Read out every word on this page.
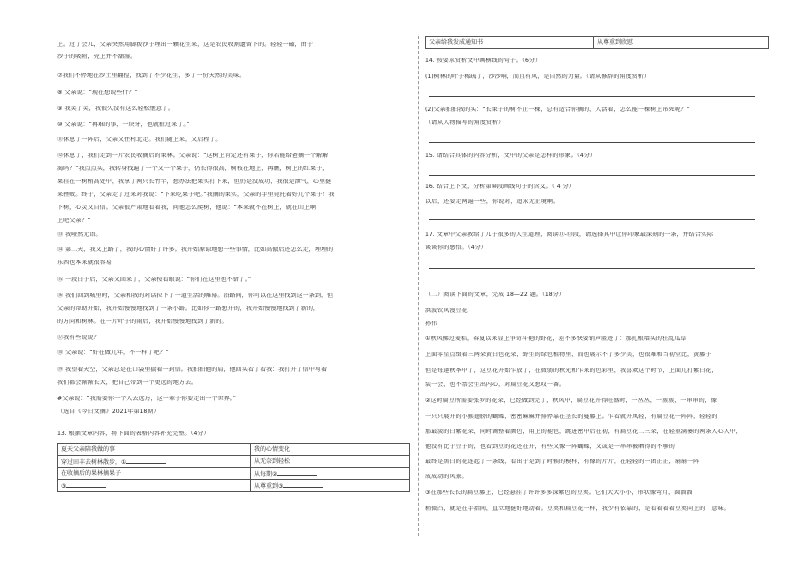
上。过了会儿，父亲突然用脚拨沙子埋出一颗花生来，这是农民收割遗留下的。轻轻一磕，由于
沙子的吸附，壳上并不潮湿。
⑦我们不停地在沙土里翻捡，找到了不少花生，多了一份天然的美味。
⑧ 父亲说：“现在想说些什？”
⑨ 我笑了笑，我很久没有这么轻松惬意了。
⑩ 父亲说：“再难的事，一块牙，也就扯过来了。”
⑪休息了一阵后，父亲又往村北走。我们随上来，又启程了。
⑫休息了，我们走到一片农民收摘后的果林。父亲说：“这树上肯定还有果子，你若能给爸摘一个解解
渴吗？”我点点头，我转身找遍了一个又一个果子，仍长得很高，树枝在地上，再瞧，树上的红果子，
果挂在一树梢高处中，我拿了两只长竹竿，想办法把果实打下来，但仍是没成功，我很是泄气，心里挺
来挫败。终于，父亲走了过来对我说：“下来吃果子吧。”我摘的果实，父亲的手里竟托着好几个果子！我
下树，心灵又自信。父亲很严肃地看着我，问他怎么爬树，他说：“本来就不在树上，就在山上啊
上吧父亲？”
⑬ 我哑然无语。
⑭ 第二天，我又上路了，我的心情好了许多。我开始原谅地想一些事情，比如高傲后还怎么走，埋埋的
东西也本来就很容易
⑮ 一段日子后，父亲又回来了，父亲按看眼说：“你们在这里也不错了。”
⑯ 我们回到城里时，父亲和我的对话拉下了一道生活的帷幕。沿路间，你可以在这里找到这一条到，但
父亲的帮助开始，我开始慢慢地找到了一条小路。比如你一路想开的，我开始慢慢地找到了新的，
的方向和树林。在一片叶子的雨后，我开始慢慢地找到了新的。
⑰我有些说说？
⑱ 父亲说：“好在做几年，不一样了吧？”
⑲ 我望着天空，父亲总是在口袋里揣着一封信。我拍拍他的肩，他回头看了看我：我打开了信中写着
我们都会渐渐长大，把自己带到一个更远的地方去。
#父亲说：“我需要你一个人去远方，这一辈子你要走出一个世界。”
（选自《今日文摘》2021年第18期）
13. 根据文章内容，将下面的表格内容补充完整。（4分）
夏天父亲陪我做的事	我的心情变化
穿过田丰去树林散步，①	从无奈到轻松
在收摘后的果林摘果子	从每期②
③	从尊重到③
父亲给我发成通知书	从尊重到欣慰
14. 按要求赏析文中画横线的句子。（6分）
(1)树林的叶子稀疏了，沙沙响，而且有风，是自然的力量。（请从修辞的角度赏析）
(2)父亲拍拍我的头：“长果子的树不止一棵，总有适合你摘的，人活着，怎么能一棵树上吊死呢？”
（请从人物描写的角度赏析）
15. 请结合具体的内容分析，文中的父亲是怎样的形象。（4分）
16. 结合上下文，分析第⑩段画线句子的含义。（ 4 分）
以后，还要走两遍一些，你说对，追求无止境啊。
17. 文章中父亲教给了儿子很多的人生道理，阅读⑪-⑬段，请选择其中让你印象最深刻的一条，并结合实际
谈谈你的感悟。（4分）
（二）阅读下面的文章，完成 18—22 题。（18分）
洪波钦风漫豆花
孙伟
①秋风拂过麦秸，春夏以来显上争奇斗艳的野花，差不多快要销声匿迹了：那扎根墙头的狂乱瓜草
上面零星点缀着三两朵黄白色花朵，野生的绿色植物里，而也展示不了多少美，也很难和当初堂比，黄藤子
但是每逢秋季中了，这豆花开始乍放了，在微弱的秋光和乍来的色彩里，我喜欢这个时节，上面几打紫白花，
装一会，也不禁会生出内心，对扁豆花又想叹一番。
②这时扁豆所需要张罗的花朵，已经做到完了，秋风中，扁豆花开得旺盛时，一丛丛，一簇簇，一串串的，像
一只只展开的小猴翅膀的蝴蝶，密密麻麻并排停靠在茎长的蔓藤上。乍看就开凤轻，有扁豆花一阵阵，轻轻的
那最淡的白紫花朵，同时调整着颜色，用上的褪色，跳进密中后在初，有扁豆花二三朵，在轻重满篓的两条人心人中，
他没有比于豆子的，也看到豆的花还在开，有些又像一阵蝴蝶，又或是一串串被晒得的不够的
最终是黑白的花连起了一条线，看出于是到了时候的模样，有像的片片，在轻轻的一团正正，扇扇一阵
成成动的风景。
③在那些长长的扁豆藤上，已经悬挂了许许多多深紫色的豆荚。它们大大小小，形状像弯月，圆溜溜
稍微凸，就是在手指间，直立地挺好地动着。豆荚和扁豆花一样，我少有依靠的，是看着着着豆荚向上的　意味。
